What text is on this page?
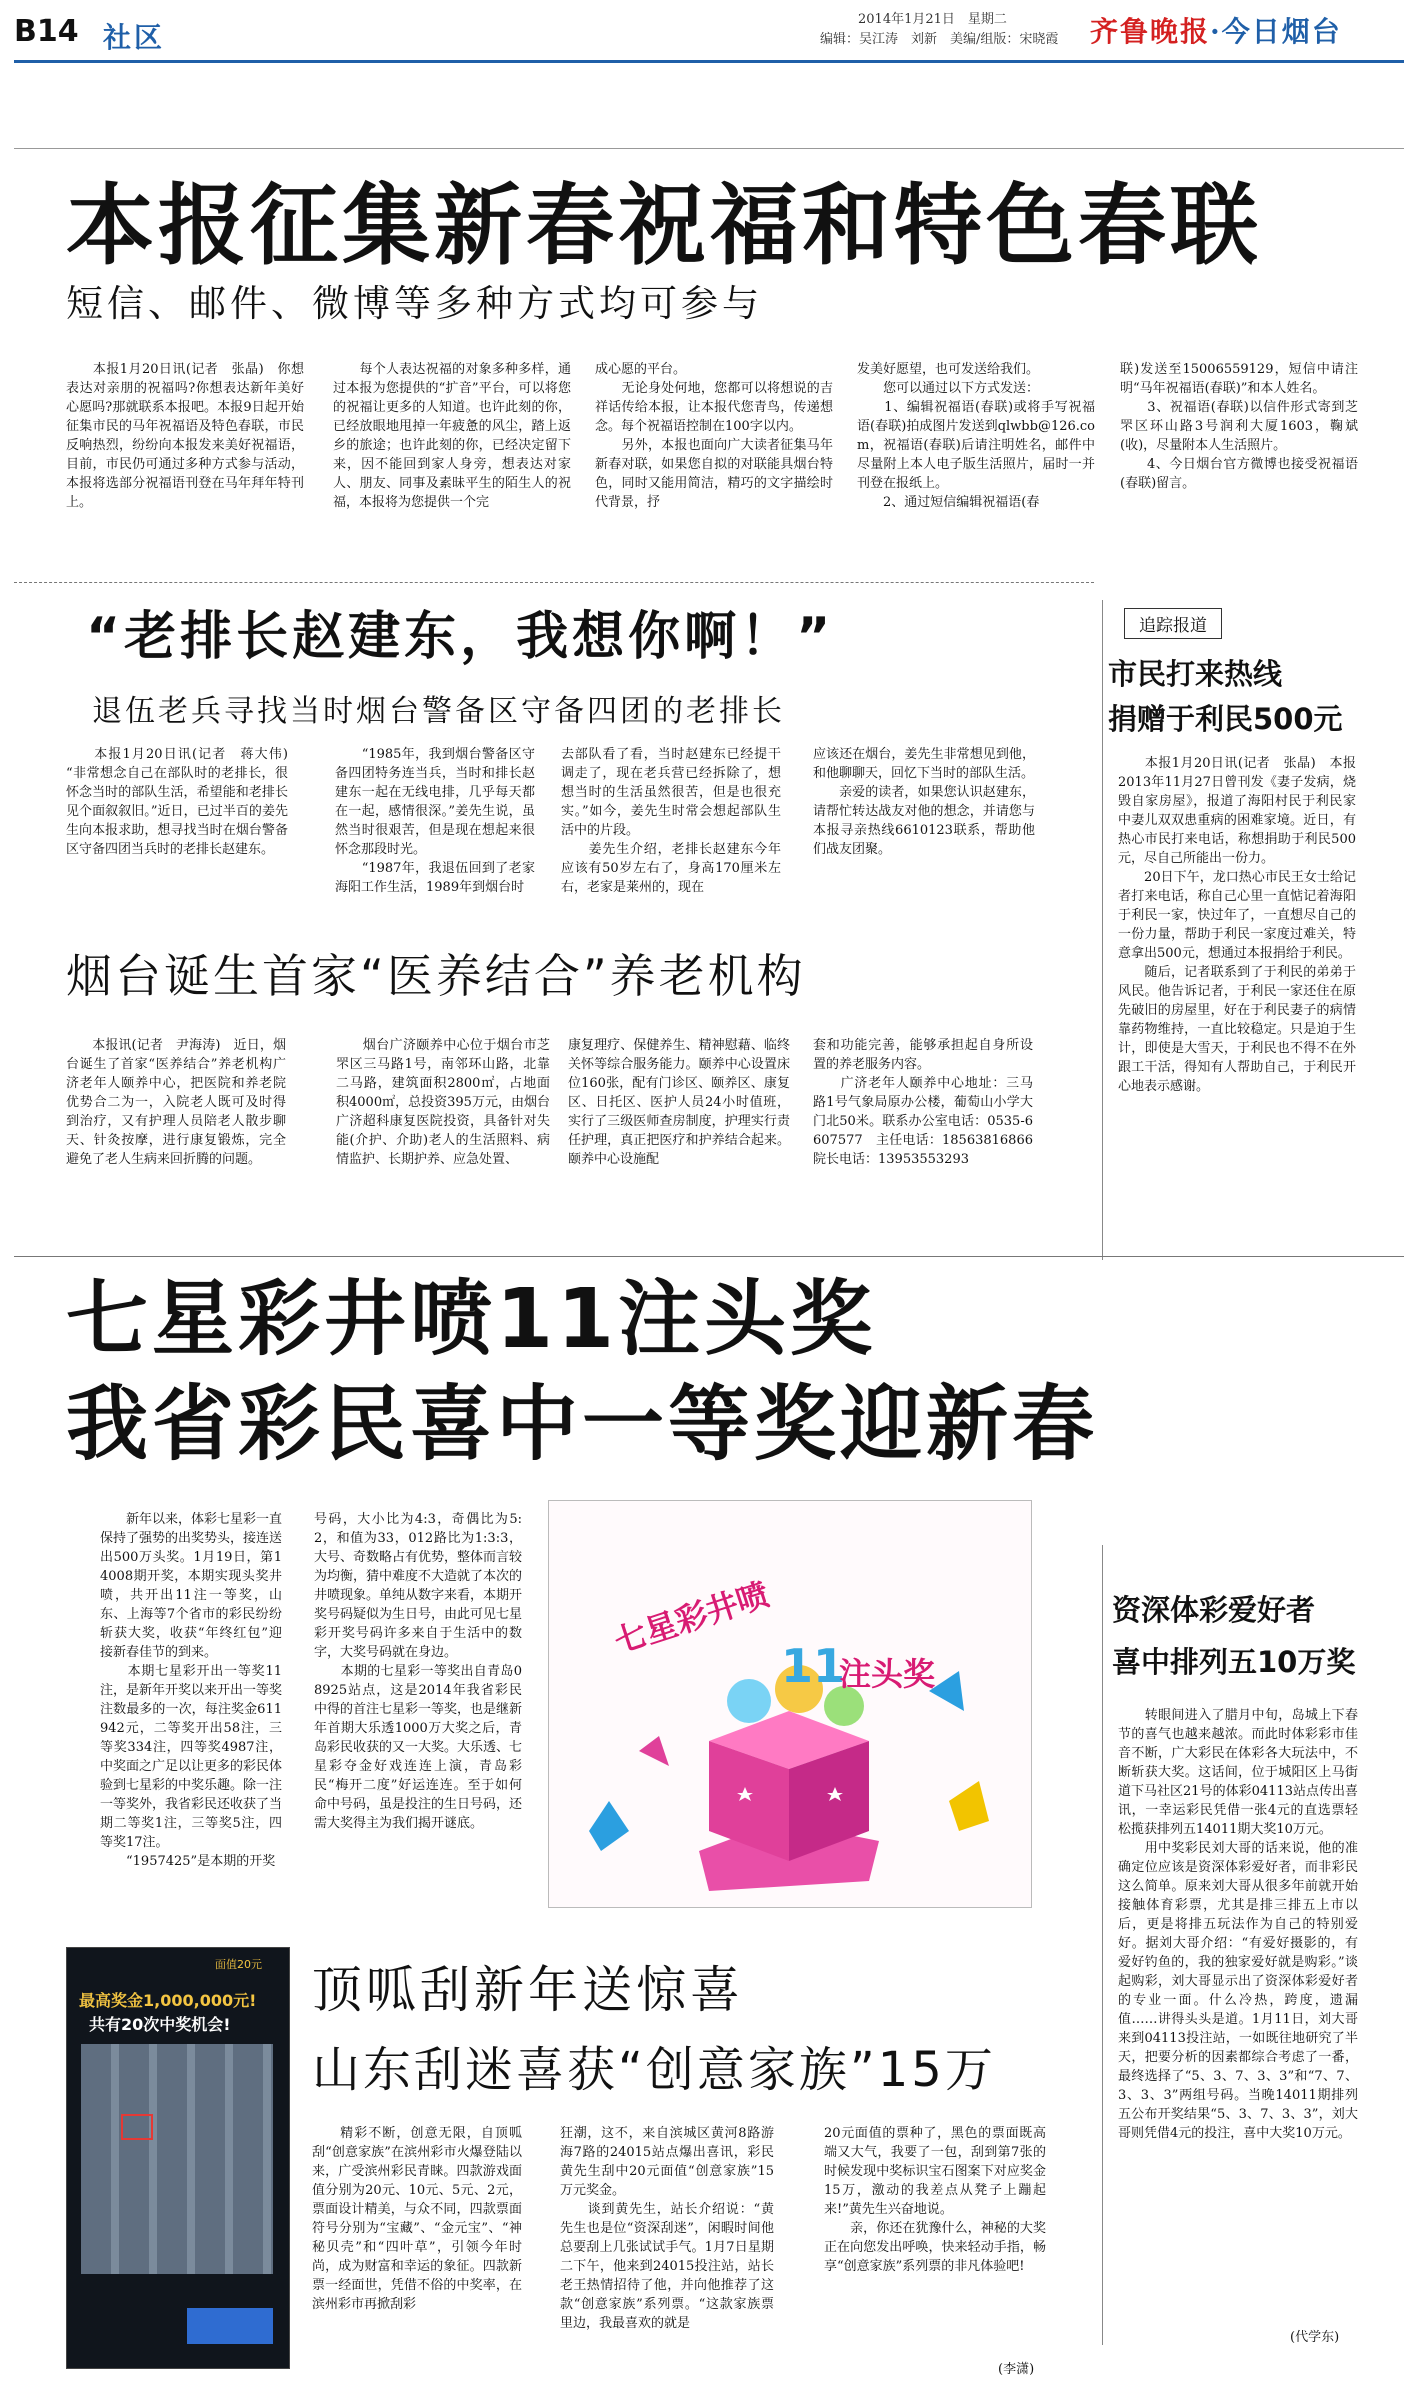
B14 社区
2014年1月21日　星期二
编辑：吴江涛　刘新　美编/组版：宋晓霞 齐鲁晚报·今日烟台
本报征集新春祝福和特色春联
短信、邮件、微博等多种方式均可参与
　　本报1月20日讯(记者　张晶)　你想表达对亲朋的祝福吗?你想表达新年美好心愿吗?那就联系本报吧。本报9日起开始征集市民的马年祝福语及特色春联，市民反响热烈，纷纷向本报发来美好祝福语，目前，市民仍可通过多种方式参与活动，本报将选部分祝福语刊登在马年拜年特刊上。
　　每个人表达祝福的对象多种多样，通过本报为您提供的“扩音”平台，可以将您的祝福让更多的人知道。也许此刻的你，已经放眼地甩掉一年疲惫的风尘，踏上返乡的旅途；也许此刻的你，已经决定留下来，因不能回到家人身旁，想表达对家人、朋友、同事及素昧平生的陌生人的祝福，本报将为您提供一个完
成心愿的平台。
　　无论身处何地，您都可以将想说的吉祥话传给本报，让本报代您青鸟，传递想念。每个祝福语控制在100字以内。
　　另外，本报也面向广大读者征集马年新春对联，如果您自拟的对联能具烟台特色，同时又能用简洁，精巧的文字描绘时代背景，抒
发美好愿望，也可发送给我们。
　　您可以通过以下方式发送：
　　1、编辑祝福语(春联)或将手写祝福语(春联)拍成图片发送到qlwbb@126.com，祝福语(春联)后请注明姓名，邮件中尽量附上本人电子版生活照片，届时一并刊登在报纸上。
　　2、通过短信编辑祝福语(春
联)发送至15006559129，短信中请注明“马年祝福语(春联)”和本人姓名。
　　3、祝福语(春联)以信件形式寄到芝罘区环山路3号润利大厦1603，鞠斌(收)，尽量附本人生活照片。
　　4、今日烟台官方微博也接受祝福语(春联)留言。
“老排长赵建东，我想你啊！”
退伍老兵寻找当时烟台警备区守备四团的老排长
　　本报1月20日讯(记者　蒋大伟)　“非常想念自己在部队时的老排长，很怀念当时的部队生活，希望能和老排长见个面叙叙旧。”近日，已过半百的姜先生向本报求助，想寻找当时在烟台警备区守备四团当兵时的老排长赵建东。
　　“1985年，我到烟台警备区守备四团特务连当兵，当时和排长赵建东一起在无线电排，几乎每天都在一起，感情很深。”姜先生说，虽然当时很艰苦，但是现在想起来很怀念那段时光。
　　“1987年，我退伍回到了老家海阳工作生活，1989年到烟台时
去部队看了看，当时赵建东已经提干调走了，现在老兵营已经拆除了，想想当时的生活虽然很苦，但是也很充实。”如今，姜先生时常会想起部队生活中的片段。
　　姜先生介绍，老排长赵建东今年应该有50岁左右了，身高170厘米左右，老家是莱州的，现在
应该还在烟台，姜先生非常想见到他，和他聊聊天，回忆下当时的部队生活。
　　亲爱的读者，如果您认识赵建东，请帮忙转达战友对他的想念，并请您与本报寻亲热线6610123联系，帮助他们战友团聚。
追踪报道
市民打来热线
捐赠于利民500元
　　本报1月20日讯(记者　张晶)　本报2013年11月27日曾刊发《妻子发病，烧毁自家房屋》，报道了海阳村民于利民家中妻儿双双患重病的困难家境。近日，有热心市民打来电话，称想捐助于利民500元，尽自己所能出一份力。
　　20日下午，龙口热心市民王女士给记者打来电话，称自己心里一直惦记着海阳于利民一家，快过年了，一直想尽自己的一份力量，帮助于利民一家度过难关，特意拿出500元，想通过本报捐给于利民。
　　随后，记者联系到了于利民的弟弟于风民。他告诉记者，于利民一家还住在原先破旧的房屋里，好在于利民妻子的病情靠药物维持，一直比较稳定。只是迫于生计，即使是大雪天，于利民也不得不在外跟工干活，得知有人帮助自己，于利民开心地表示感谢。
烟台诞生首家“医养结合”养老机构
　　本报讯(记者　尹海涛)　近日，烟台诞生了首家“医养结合”养老机构广济老年人颐养中心，把医院和养老院优势合二为一，入院老人既可及时得到治疗，又有护理人员陪老人散步聊天、针灸按摩，进行康复锻炼，完全避免了老人生病来回折腾的问题。
　　烟台广济颐养中心位于烟台市芝罘区三马路1号，南邻环山路，北靠二马路，建筑面积2800㎡，占地面积4000㎡，总投资395万元，由烟台广济超科康复医院投资，具备针对失能(介护、介助)老人的生活照料、病情监护、长期护养、应急处置、
康复理疗、保健养生、精神慰藉、临终关怀等综合服务能力。颐养中心设置床位160张，配有门诊区、颐养区、康复区、日托区、医护人员24小时值班，实行了三级医师查房制度，护理实行责任护理，真正把医疗和护养结合起来。颐养中心设施配
套和功能完善，能够承担起自身所设置的养老服务内容。
　　广济老年人颐养中心地址：三马路1号气象局原办公楼，葡萄山小学大门北50米。联系办公室电话：0535-6607577　主任电话：18563816866　院长电话：13953553293
七星彩井喷11注头奖
我省彩民喜中一等奖迎新春
　　新年以来，体彩七星彩一直保持了强势的出奖势头，接连送出500万头奖。1月19日，第14008期开奖，本期实现头奖井喷，共开出11注一等奖，山东、上海等7个省市的彩民纷纷斩获大奖，收获“年终红包”迎接新春佳节的到来。
　　本期七星彩开出一等奖11注，是新年开奖以来开出一等奖注数最多的一次，每注奖金611942元，二等奖开出58注，三等奖334注，四等奖4987注，中奖面之广足以让更多的彩民体验到七星彩的中奖乐趣。除一注一等奖外，我省彩民还收获了当期二等奖1注，三等奖5注，四等奖17注。
　　“1957425”是本期的开奖
号码，大小比为4:3，奇偶比为5:2，和值为33，012路比为1:3:3，大号、奇数略占有优势，整体而言较为均衡，猜中难度不大造就了本次的井喷现象。单纯从数字来看，本期开奖号码疑似为生日号，由此可见七星彩开奖号码许多来自于生活中的数字，大奖号码就在身边。
　　本期的七星彩一等奖出自青岛08925站点，这是2014年我省彩民中得的首注七星彩一等奖，也是继新年首期大乐透1000万大奖之后，青岛彩民收获的又一大奖。大乐透、七星彩夺金好戏连连上演，青岛彩民“梅开二度”好运连连。至于如何命中号码，虽是投注的生日号码，还需大奖得主为我们揭开谜底。
七星彩井喷
11
注头奖
资深体彩爱好者
喜中排列五10万奖
　　转眼间进入了腊月中旬，岛城上下春节的喜气也越来越浓。而此时体彩彩市佳音不断，广大彩民在体彩各大玩法中，不断斩获大奖。这话间，位于城阳区上马街道下马社区21号的体彩04113站点传出喜讯，一幸运彩民凭借一张4元的直选票轻松揽获排列五14011期大奖10万元。
　　用中奖彩民刘大哥的话来说，他的准确定位应该是资深体彩爱好者，而非彩民这么简单。原来刘大哥从很多年前就开始接触体育彩票，尤其是排三排五上市以后，更是将排五玩法作为自己的特别爱好。据刘大哥介绍：“有爱好摄影的，有爱好钓鱼的，我的独家爱好就是购彩。”谈起购彩，刘大哥显示出了资深体彩爱好者的专业一面。什么冷热，跨度，遗漏值……讲得头头是道。1月11日，刘大哥来到04113投注站，一如既往地研究了半天，把要分析的因素都综合考虑了一番，最终选择了“5、3、7、3、3”和“7、7、3、3、3”两组号码。当晚14011期排列五公布开奖结果“5、3、7、3、3”，刘大哥则凭借4元的投注，喜中大奖10万元。
(代学东)
面值20元
最高奖金1,000,000元!
共有20次中奖机会!
顶呱刮新年送惊喜
山东刮迷喜获“创意家族”15万
　　精彩不断，创意无限，自顶呱刮“创意家族”在滨州彩市火爆登陆以来，广受滨州彩民青睐。四款游戏面值分别为20元、10元、5元、2元，票面设计精美，与众不同，四款票面符号分别为“宝藏”、“金元宝”、“神秘贝壳”和“四叶草”，引领今年时尚，成为财富和幸运的象征。四款新票一经面世，凭借不俗的中奖率，在滨州彩市再掀刮彩
狂潮，这不，来自滨城区黄河8路游海7路的24015站点爆出喜讯，彩民黄先生刮中20元面值“创意家族”15万元奖金。
　　谈到黄先生，站长介绍说：“黄先生也是位“资深刮迷”，闲暇时间他总要刮上几张试试手气。1月7日星期二下午，他来到24015投注站，站长老王热情招待了他，并向他推荐了这款“创意家族”系列票。“这款家族票里边，我最喜欢的就是
20元面值的票种了，黑色的票面既高端又大气，我要了一包，刮到第7张的时候发现中奖标识宝石图案下对应奖金15万，激动的我差点从凳子上蹦起来!”黄先生兴奋地说。
　　亲，你还在犹豫什么，神秘的大奖正在向您发出呼唤，快来轻动手指，畅享“创意家族”系列票的非凡体验吧!
(李潇)
